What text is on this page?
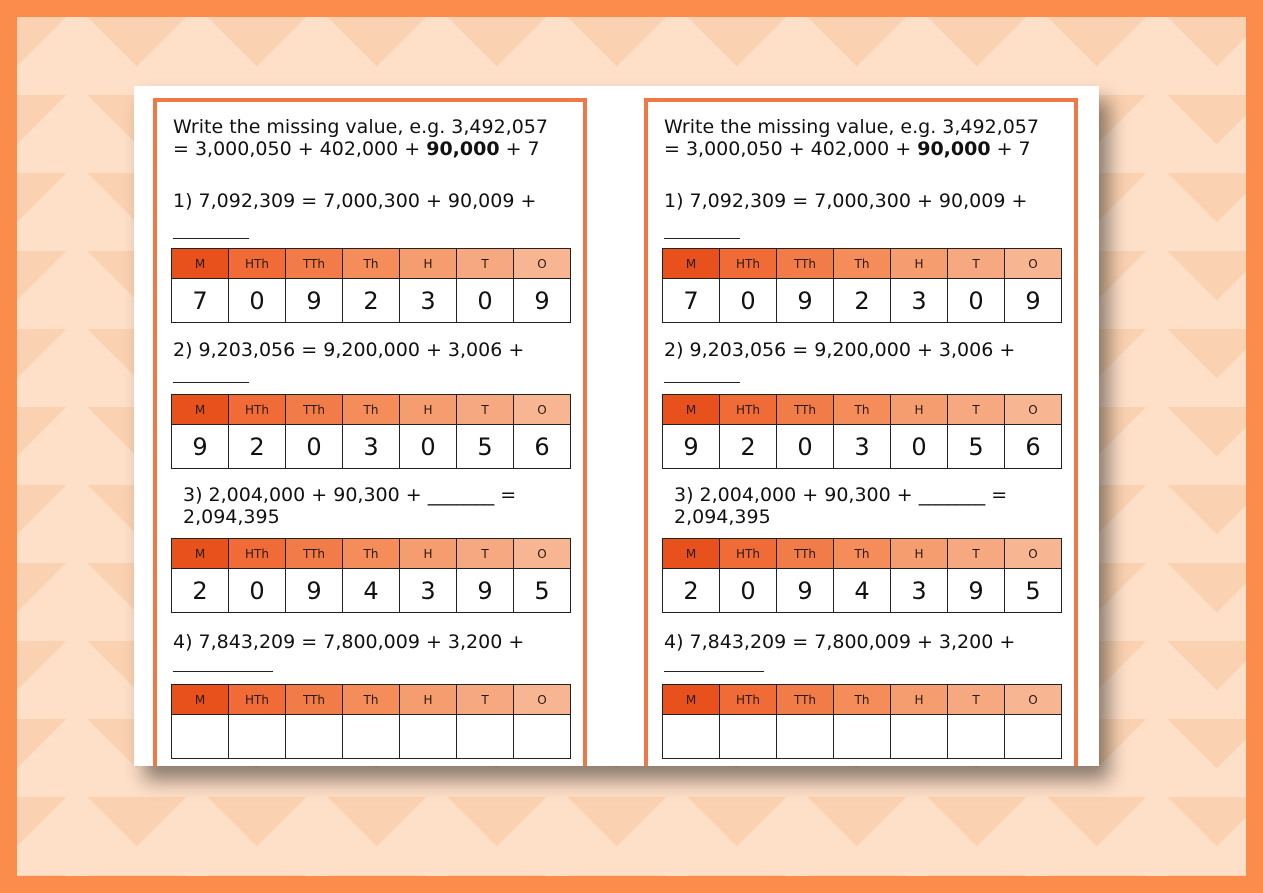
Write the missing value, e.g. 3,492,057
= 3,000,050 + 402,000 + 90,000 + 7
1) 7,092,309 = 7,000,300 + 90,009 +
M	HTh	TTh	Th	H	T	O
7	0	9	2	3	0	9
2) 9,203,056 = 9,200,000 + 3,006 +
M	HTh	TTh	Th	H	T	O
9	2	0	3	0	5	6
3) 2,004,000 + 90,300 + _______ =
2,094,395
M	HTh	TTh	Th	H	T	O
2	0	9	4	3	9	5
4) 7,843,209 = 7,800,009 + 3,200 +
M	HTh	TTh	Th	H	T	O

Write the missing value, e.g. 3,492,057
= 3,000,050 + 402,000 + 90,000 + 7
1) 7,092,309 = 7,000,300 + 90,009 +
M	HTh	TTh	Th	H	T	O
7	0	9	2	3	0	9
2) 9,203,056 = 9,200,000 + 3,006 +
M	HTh	TTh	Th	H	T	O
9	2	0	3	0	5	6
3) 2,004,000 + 90,300 + _______ =
2,094,395
M	HTh	TTh	Th	H	T	O
2	0	9	4	3	9	5
4) 7,843,209 = 7,800,009 + 3,200 +
M	HTh	TTh	Th	H	T	O
